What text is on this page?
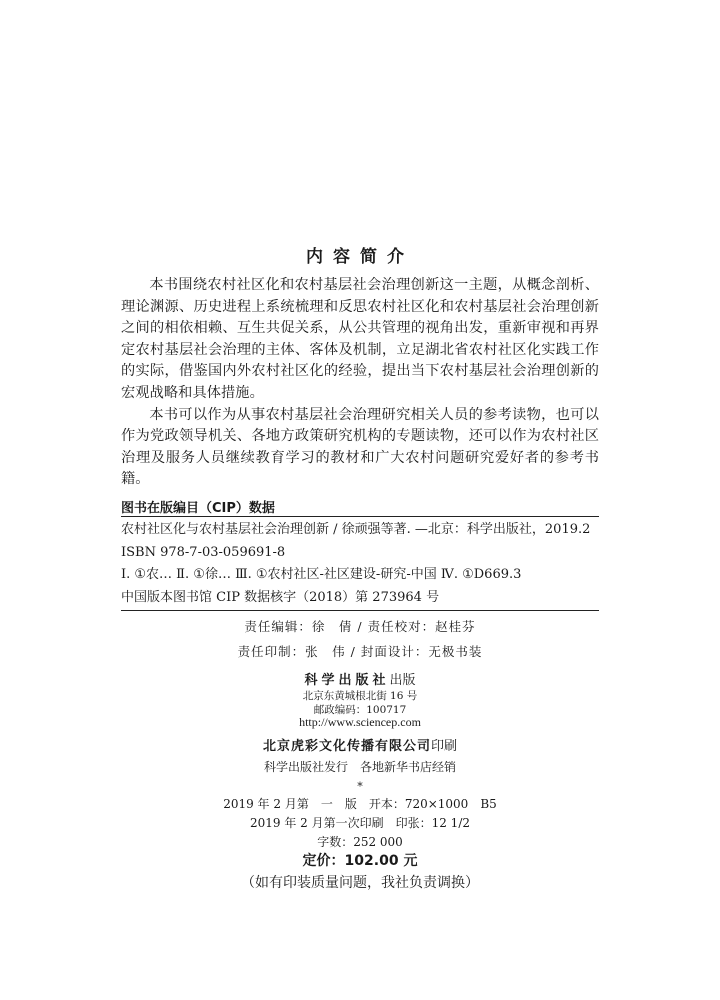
内容简介

本书围绕农村社区化和农村基层社会治理创新这一主题，从概念剖析、理论渊源、历史进程上系统梳理和反思农村社区化和农村基层社会治理创新之间的相依相赖、互生共促关系，从公共管理的视角出发，重新审视和再界定农村基层社会治理的主体、客体及机制，立足湖北省农村社区化实践工作的实际，借鉴国内外农村社区化的经验，提出当下农村基层社会治理创新的宏观战略和具体措施。

本书可以作为从事农村基层社会治理研究相关人员的参考读物，也可以作为党政领导机关、各地方政策研究机构的专题读物，还可以作为农村社区治理及服务人员继续教育学习的教材和广大农村问题研究爱好者的参考书籍。

图书在版编目（CIP）数据
农村社区化与农村基层社会治理创新 / 徐顽强等著. —北京：科学出版社，2019.2
ISBN 978-7-03-059691-8
Ⅰ. ①农… Ⅱ. ①徐… Ⅲ. ①农村社区-社区建设-研究-中国 Ⅳ. ①D669.3
中国版本图书馆 CIP 数据核字（2018）第 273964 号
责任编辑：徐　倩 / 责任校对：赵桂芬
责任印制：张　伟 / 封面设计：无极书装
科学出版社出版
北京东黄城根北街 16 号
邮政编码：100717
http://www.sciencep.com
北京虎彩文化传播有限公司印刷
科学出版社发行　各地新华书店经销
*
2019 年 2 月第　一　版　开本：720×1000　B5
2019 年 2 月第一次印刷　印张：12 1/2
字数：252 000
定价：102.00 元
（如有印装质量问题，我社负责调换）
